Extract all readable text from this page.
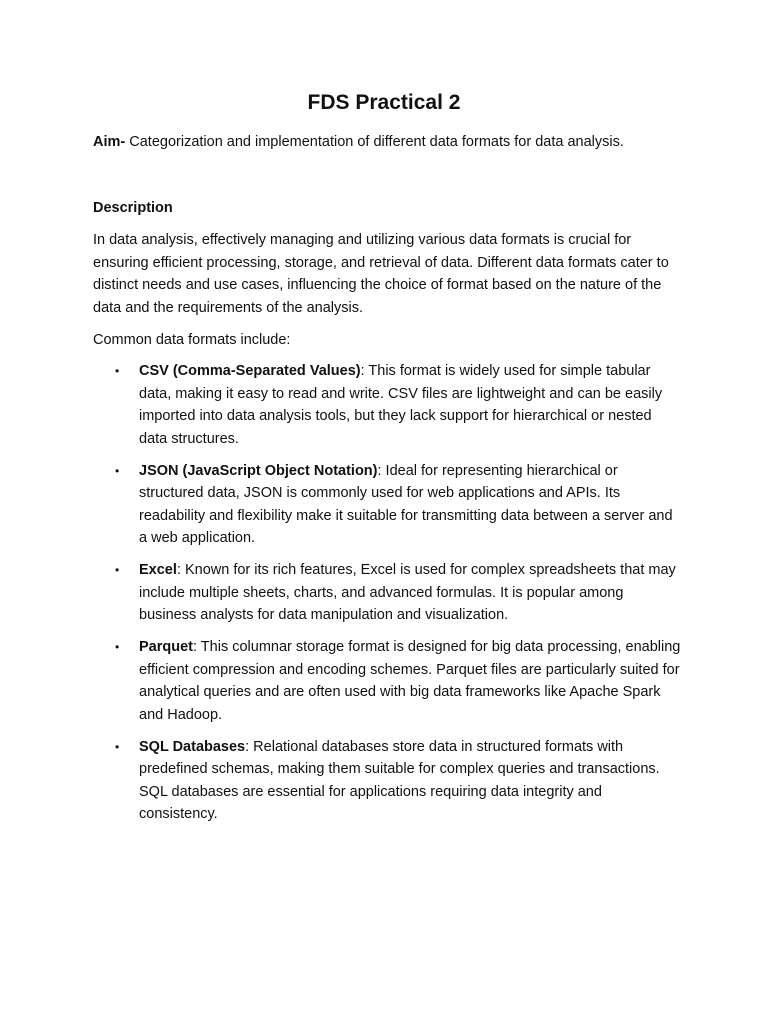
FDS Practical 2

Aim- Categorization and implementation of different data formats for data analysis.

Description

In data analysis, effectively managing and utilizing various data formats is crucial for ensuring efficient processing, storage, and retrieval of data. Different data formats cater to distinct needs and use cases, influencing the choice of format based on the nature of the data and the requirements of the analysis.

Common data formats include:

• CSV (Comma-Separated Values): This format is widely used for simple tabular data, making it easy to read and write. CSV files are lightweight and can be easily imported into data analysis tools, but they lack support for hierarchical or nested data structures.
• JSON (JavaScript Object Notation): Ideal for representing hierarchical or structured data, JSON is commonly used for web applications and APIs. Its readability and flexibility make it suitable for transmitting data between a server and a web application.
• Excel: Known for its rich features, Excel is used for complex spreadsheets that may include multiple sheets, charts, and advanced formulas. It is popular among business analysts for data manipulation and visualization.
• Parquet: This columnar storage format is designed for big data processing, enabling efficient compression and encoding schemes. Parquet files are particularly suited for analytical queries and are often used with big data frameworks like Apache Spark and Hadoop.
• SQL Databases: Relational databases store data in structured formats with predefined schemas, making them suitable for complex queries and transactions. SQL databases are essential for applications requiring data integrity and consistency.
